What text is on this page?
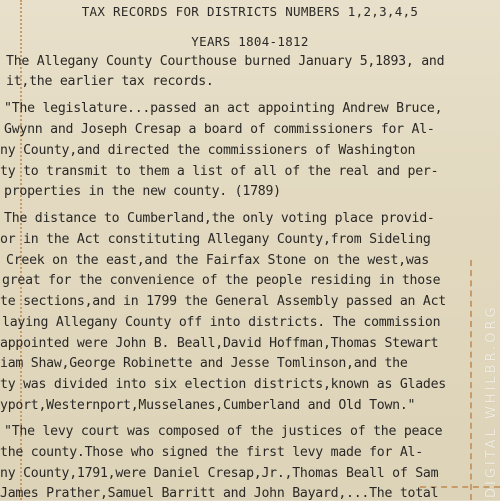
TAX RECORDS FOR DISTRICTS NUMBERS 1,2,3,4,5
YEARS 1804-1812
The Allegany County Courthouse burned January 5,1893, and
it,the earlier tax records.
"The legislature...passed an act appointing Andrew Bruce,
Gwynn and Joseph Cresap a board of commissioners for Al-
ny County,and directed the commissioners of Washington
ty to transmit to them a list of all of the real and per-
properties in the new county. (1789)
The distance to Cumberland,the only voting place provid-
or in the Act constituting Allegany County,from Sideling
Creek on the east,and the Fairfax Stone on the west,was
great for the convenience of the people residing in those
te sections,and in 1799 the General Assembly passed an Act
laying Allegany County off into districts. The commission
appointed were John B. Beall,David Hoffman,Thomas Stewart
iam Shaw,George Robinette and Jesse Tomlinson,and the
ty was divided into six election districts,known as Glades
yport,Westernport,Musselanes,Cumberland and Old Town."
"The levy court was composed of the justices of the peace
the county.Those who signed the first levy made for Al-
ny County,1791,were Daniel Cresap,Jr.,Thomas Beall of Sam
James Prather,Samuel Barritt and John Bayard,...The total	DIGITAL WHILBR.ORG
